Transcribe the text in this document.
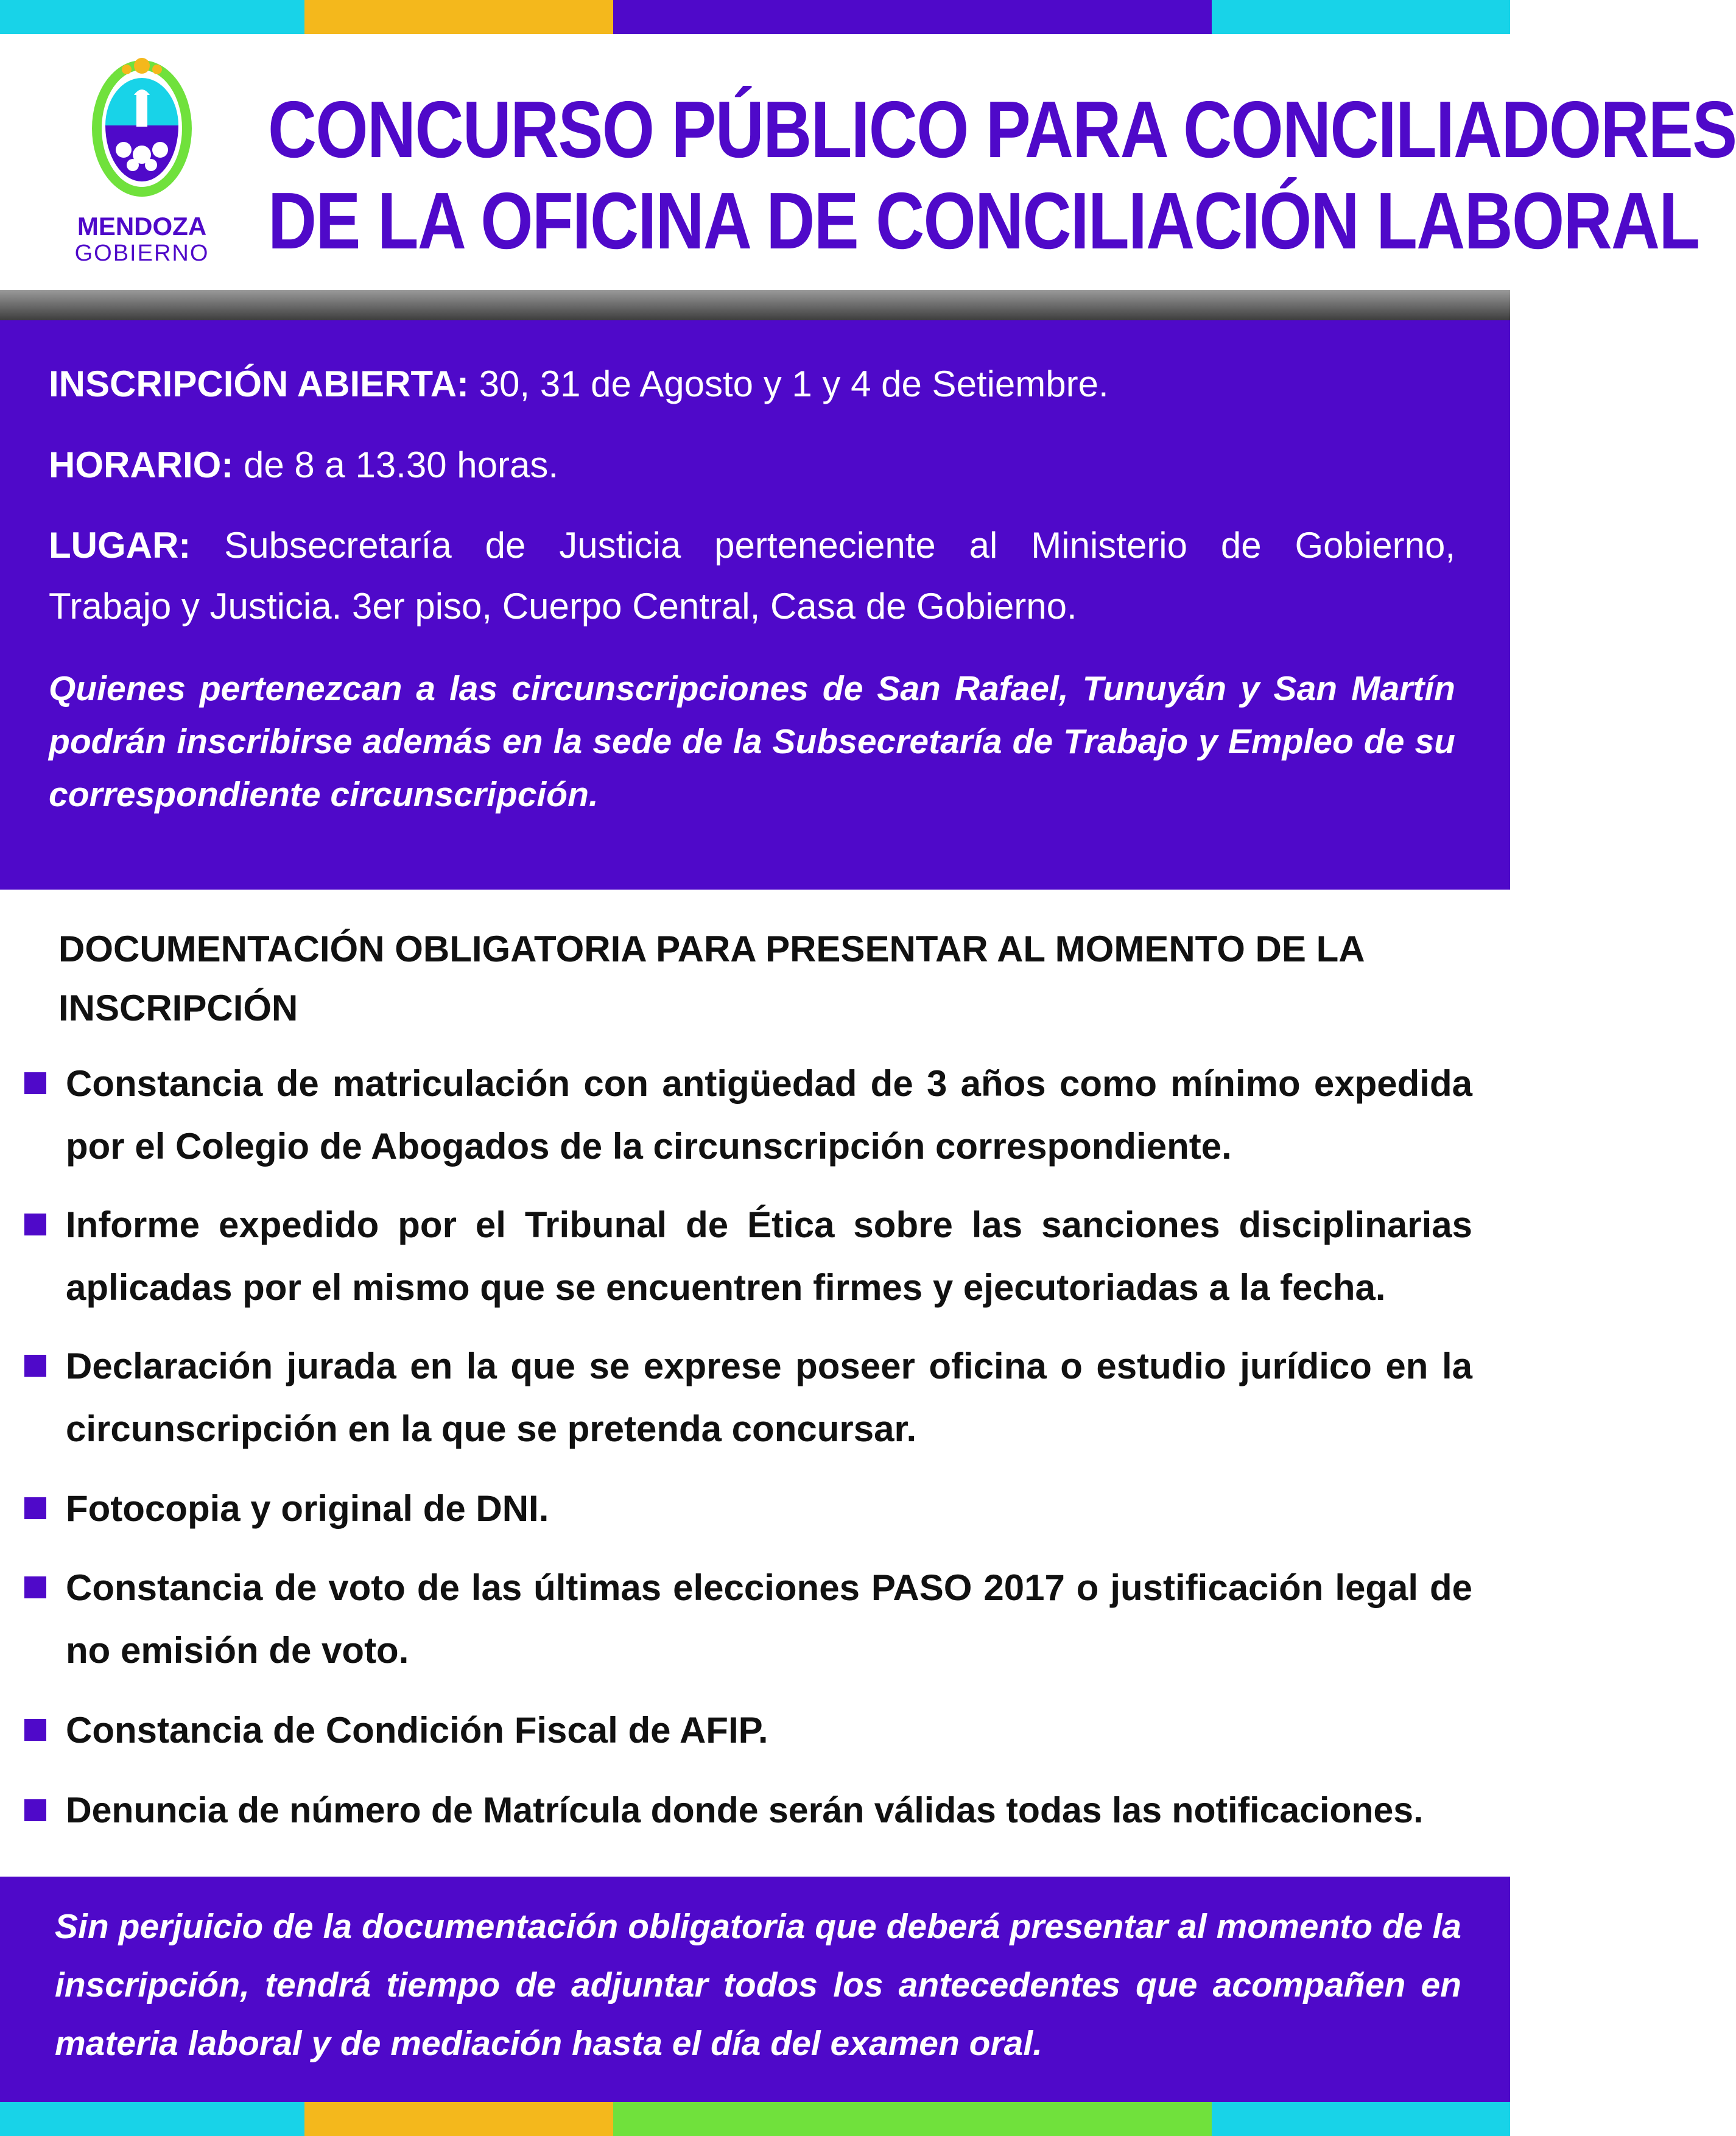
MENDOZA
GOBIERNO
CONCURSO PÚBLICO PARA CONCILIADORES
DE LA OFICINA DE CONCILIACIÓN LABORAL
INSCRIPCIÓN ABIERTA: 30, 31 de Agosto y 1 y 4 de Setiembre.
HORARIO: de 8 a 13.30 horas.
LUGAR: Subsecretaría de Justicia perteneciente al Ministerio de Gobierno,
Trabajo y Justicia. 3er piso, Cuerpo Central, Casa de Gobierno.
Quienes pertenezcan a las circunscripciones de San Rafael, Tunuyán y San Martín podrán inscribirse además en la sede de la Subsecretaría de Trabajo y Empleo de su correspondiente circunscripción.
DOCUMENTACIÓN OBLIGATORIA PARA PRESENTAR AL MOMENTO DE LA INSCRIPCIÓN
Constancia de matriculación con antigüedad de 3 años como mínimo expedida por el Colegio de Abogados de la circunscripción correspondiente.
Informe expedido por el Tribunal de Ética sobre las sanciones disciplinarias aplicadas por el mismo que se encuentren firmes y ejecutoriadas a la fecha.
Declaración jurada en la que se exprese poseer oficina o estudio jurídico en la circunscripción en la que se pretenda concursar.
Fotocopia y original de DNI.
Constancia de voto de las últimas elecciones PASO 2017 o justificación legal de no emisión de voto.
Constancia de Condición Fiscal de AFIP.
Denuncia de número de Matrícula donde serán válidas todas las notificaciones.
Sin perjuicio de la documentación obligatoria que deberá presentar al momento de la inscripción, tendrá tiempo de adjuntar todos los antecedentes que acompañen en materia laboral y de mediación hasta el día del examen oral.
